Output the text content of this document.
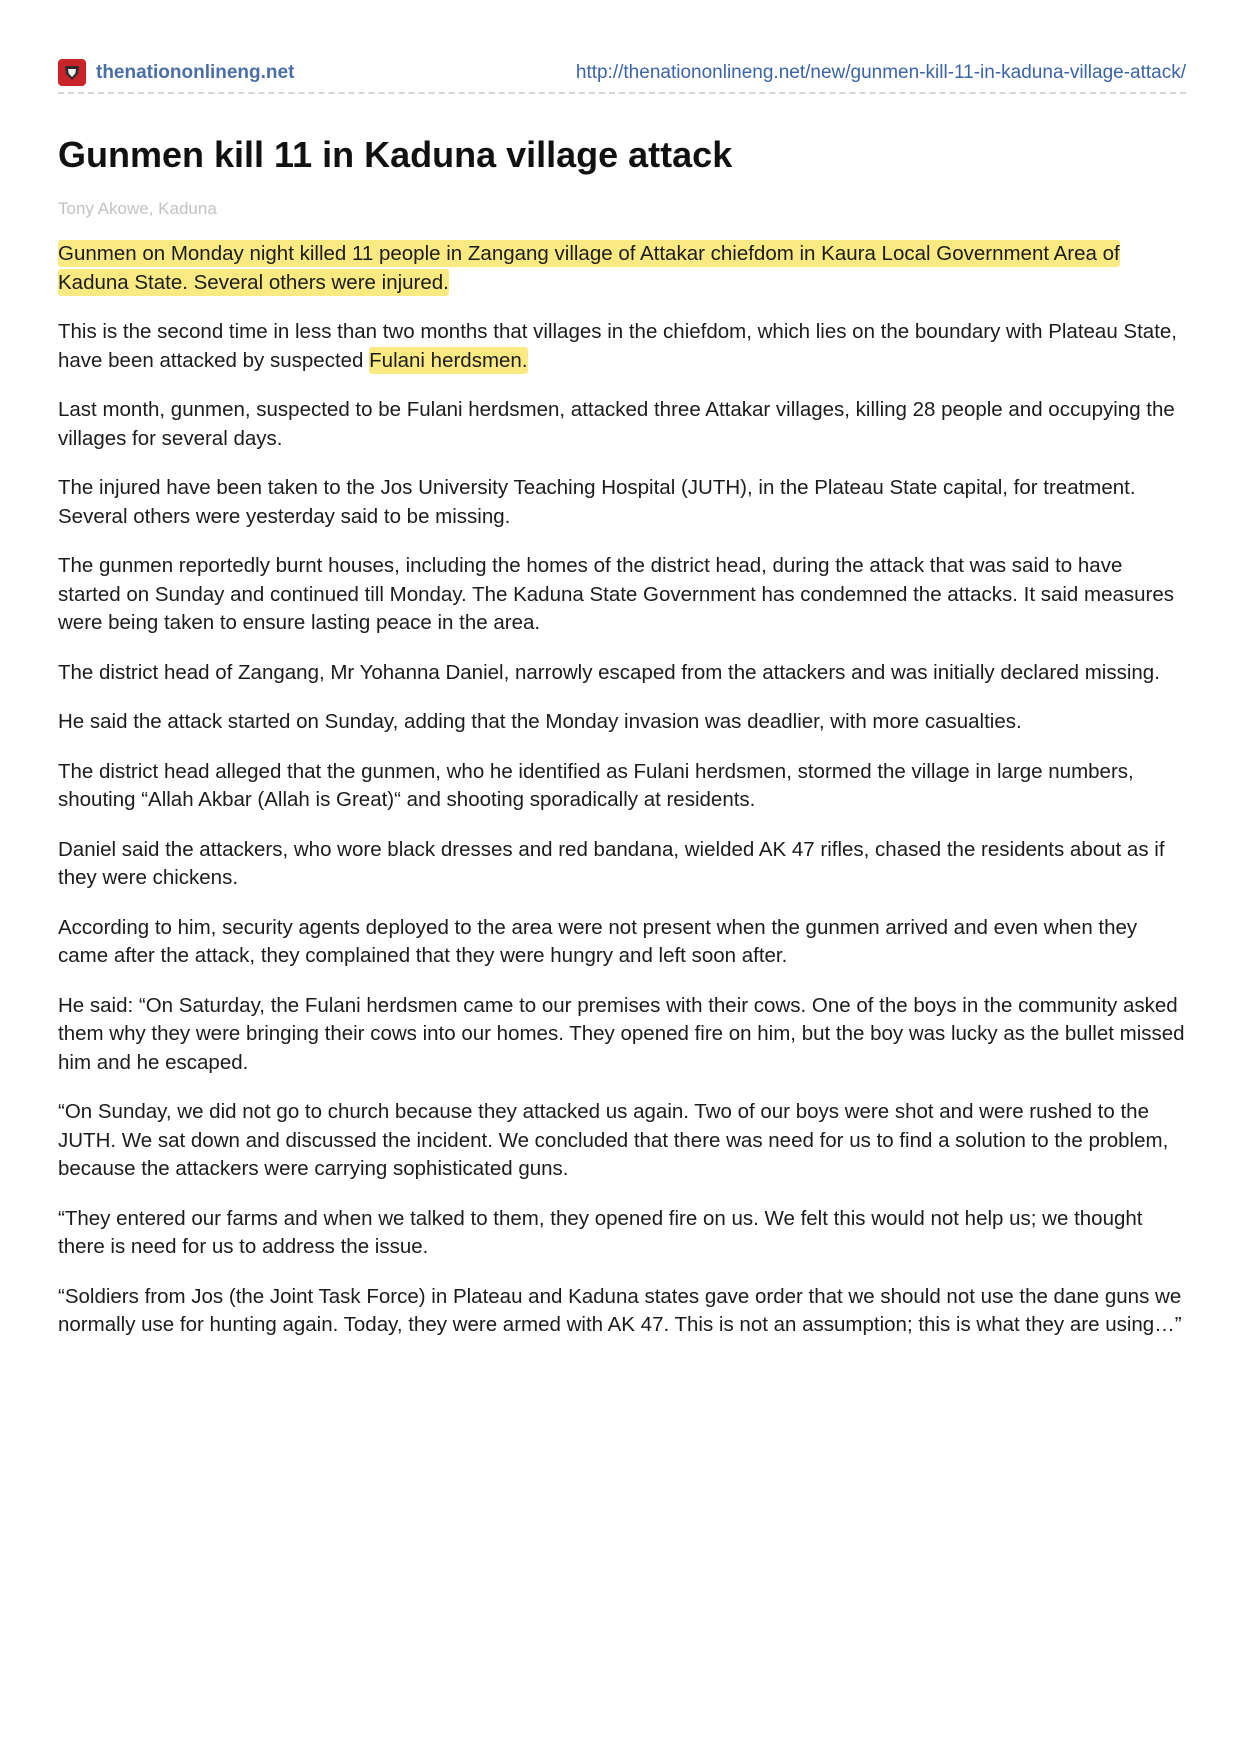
thenationonlineng.net	http://thenationonlineng.net/new/gunmen-kill-11-in-kaduna-village-attack/
Gunmen kill 11 in Kaduna village attack
Tony Akowe, Kaduna

Gunmen on Monday night killed 11 people in Zangang village of Attakar chiefdom in Kaura Local Government Area of Kaduna State. Several others were injured.

This is the second time in less than two months that villages in the chiefdom, which lies on the boundary with Plateau State, have been attacked by suspected Fulani herdsmen.

Last month, gunmen, suspected to be Fulani herdsmen, attacked three Attakar villages, killing 28 people and occupying the villages for several days.

The injured have been taken to the Jos University Teaching Hospital (JUTH), in the Plateau State capital, for treatment. Several others were yesterday said to be missing.

The gunmen reportedly burnt houses, including the homes of the district head, during the attack that was said to have started on Sunday and continued till Monday. The Kaduna State Government has condemned the attacks. It said measures were being taken to ensure lasting peace in the area.

The district head of Zangang, Mr Yohanna Daniel, narrowly escaped from the attackers and was initially declared missing.

He said the attack started on Sunday, adding that the Monday invasion was deadlier, with more casualties.

The district head alleged that the gunmen, who he identified as Fulani herdsmen, stormed the village in large numbers, shouting “Allah Akbar (Allah is Great)“ and shooting sporadically at residents.

Daniel said the attackers, who wore black dresses and red bandana, wielded AK 47 rifles, chased the residents about as if they were chickens.

According to him, security agents deployed to the area were not present when the gunmen arrived and even when they came after the attack, they complained that they were hungry and left soon after.

He said: “On Saturday, the Fulani herdsmen came to our premises with their cows. One of the boys in the community asked them why they were bringing their cows into our homes. They opened fire on him, but the boy was lucky as the bullet missed him and he escaped.

“On Sunday, we did not go to church because they attacked us again. Two of our boys were shot and were rushed to the JUTH. We sat down and discussed the incident. We concluded that there was need for us to find a solution to the problem, because the attackers were carrying sophisticated guns.

“They entered our farms and when we talked to them, they opened fire on us. We felt this would not help us; we thought there is need for us to address the issue.

“Soldiers from Jos (the Joint Task Force) in Plateau and Kaduna states gave order that we should not use the dane guns we normally use for hunting again. Today, they were armed with AK 47. This is not an assumption; this is what they are using…”
